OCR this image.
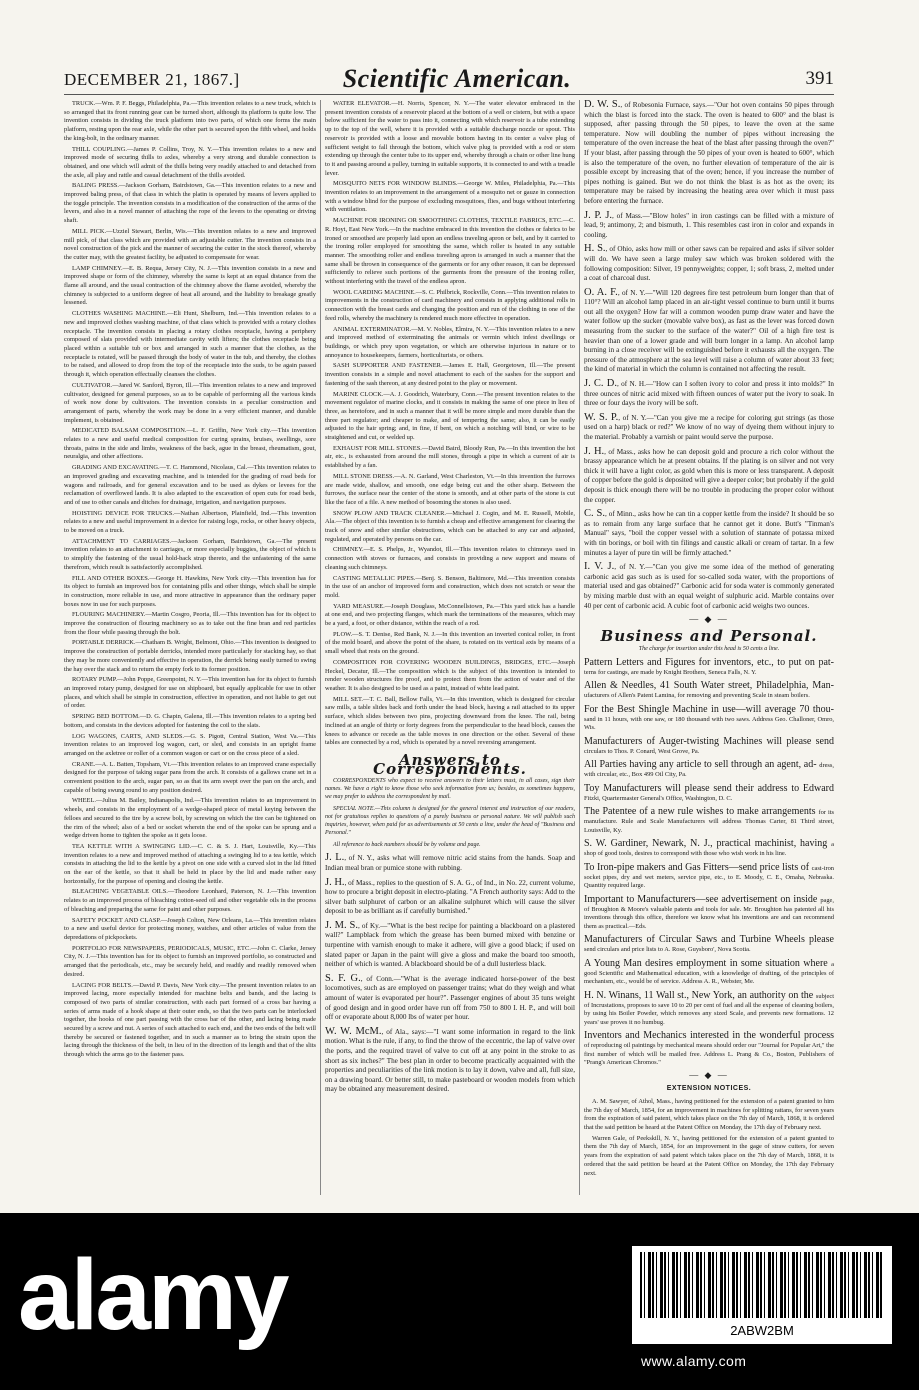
DECEMBER 21, 1867.]	Scientific American.	391

TRUCK.—Wm. P. F. Beggs, Philadelphia, Pa.—This invention relates to a new truck, which is so arranged that its front running gear can be turned short, although its platform is quite low. The invention consists in dividing the truck platform into two parts, of which one forms the main platform, resting upon the rear axle, while the other part is secured upon the fifth wheel, and holds the king-bolt, in the ordinary manner.

THILL COUPLING.—James P. Collins, Troy, N. Y.—This invention relates to a new and improved mode of securing thills to axles, whereby a very strong and durable connection is obtained, and one which will admit of the thills being very readily attached to and detached from the axle, all play and rattle and casual detachment of the thills avoided.

BALING PRESS.—Jackson Gorham, Bairdstown, Ga.—This invention relates to a new and improved baling press, of that class in which the platin is operated by means of levers applied to the toggle principle. The invention consists in a modification of the construction of the arms of the levers, and also in a novel manner of attaching the rope of the levers to the operating or driving shaft.

MILL PICK.—Uzziel Stewart, Berlin, Wis.—This invention relates to a new and improved mill pick, of that class which are provided with an adjustable cutter. The invention consists in a novel construction of the pick and the manner of securing the cutter in the stock thereof, whereby the cutter may, with the greatest facility, be adjusted to compensate for wear.

LAMP CHIMNEY.—E. B. Requa, Jersey City, N. J.—This invention consists in a new and improved shape or form of the chimney, whereby the same is kept at an equal distance from the flame all around, and the usual contraction of the chimney above the flame avoided, whereby the chimney is subjected to a uniform degree of heat all around, and the liability to breakage greatly lessened.

CLOTHES WASHING MACHINE.—Eli Hunt, Shelburn, Ind.—This invention relates to a new and improved clothes washing machine, of that class which is provided with a rotary clothes receptacle. The invention consists in placing a rotary clothes receptacle, having a periphery composed of slats provided with intermediate cavity with lifters; the clothes receptacle being placed within a suitable tub or box and arranged in such a manner that the clothes, as the receptacle is rotated, will be passed through the body of water in the tub, and thereby, the clothes to be raised, and allowed to drop from the top of the receptacle into the suds, to be again passed through it, which operation effectually cleanses the clothes.

CULTIVATOR.—Jared W. Sanford, Byron, Ill.—This invention relates to a new and improved cultivator, designed for general purposes, so as to be capable of performing all the various kinds of work now done by cultivators. The invention consists in a peculiar construction and arrangement of parts, whereby the work may be done in a very efficient manner, and durable implement, is obtained.

MEDICATED BALSAM COMPOSITION.—L. F. Griffin, New York city.—This invention relates to a new and useful medical composition for curing sprains, bruises, swellings, sore throats, pains in the side and limbs, weakness of the back, ague in the breast, rheumatism, gout, neuralgia, and other affections.

GRADING AND EXCAVATING.—T. C. Hammond, Nicolaus, Cal.—This invention relates to an improved grading and excavating machine, and is intended for the grading of road beds for wagons and railroads, and for general excavation and to be used as dykes or levees for the reclamation of overflowed lands. It is also adapted to the excavation of open cuts for road beds, and of use to other canals and ditches for drainage, irrigation, and navigation purposes.

HOISTING DEVICE FOR TRUCKS.—Nathan Albertson, Plainfield, Ind.—This invention relates to a new and useful improvement in a device for raising logs, rocks, or other heavy objects, to be moved on a truck.

ATTACHMENT TO CARRIAGES.—Jackson Gorham, Bairdstown, Ga.—The present invention relates to an attachment to carriages, or more especially buggies, the object of which is to simplify the fastening of the usual hold-back strap thereto, and the unfastening of the same therefrom, which result is satisfactorily accomplished.

FILL AND OTHER BOXES.—George H. Hawkins, New York city.—This invention has for its object to furnish an improved box for containing pills and other things, which shall be simple in construction, more reliable in use, and more attractive in appearance than the ordinary paper boxes now in use for such purposes.

FLOURING MACHINERY.—Martin Cosgro, Peoria, Ill.—This invention has for its object to improve the construction of flouring machinery so as to take out the fine bran and red particles from the flour while passing through the bolt.

PORTABLE DERRICK.—Chatham B. Wright, Belmont, Ohio.—This invention is designed to improve the construction of portable derricks, intended more particularly for stacking hay, so that they may be more conveniently and effective in operation, the derrick being easily turned to swing the hay over the stack and to return the empty fork to its former position.

ROTARY PUMP.—John Poppe, Greenpoint, N. Y.—This invention has for its object to furnish an improved rotary pump, designed for use on shipboard, but equally applicable for use in other places, and which shall be simple in construction, effective in operation, and not liable to get out of order.

SPRING BED BOTTOM.—D. G. Chapin, Galena, Ill.—This invention relates to a spring bed bottom, and consists in the devices adopted for fastening the coil to the slats.

LOG WAGONS, CARTS, AND SLEDS.—G. S. Pigott, Central Station, West Va.—This invention relates to an improved log wagon, cart, or sled, and consists in an upright frame arranged on the axletree or roller of a common wagon or cart or on the cross piece of a sled.

CRANE.—A. L. Batten, Topsham, Vt.—This invention relates to an improved crane especially designed for the purpose of taking sugar pans from the arch. It consists of a gallows crane set in a convenient position to the arch, sugar pan, so as that its arm swept over the pan on the arch, and capable of being swung round to any position desired.

WHEEL.—Julius M. Bailey, Indianapolis, Ind.—This invention relates to an improvement in wheels, and consists in the employment of a wedge-shaped piece of metal keying between the felloes and secured to the tire by a screw bolt, by screwing on which the tire can be tightened on the rim of the wheel; also of a bed or socket wherein the end of the spoke can be sprung and a wedge driven home to tighten the spoke as it gets loose.

TEA KETTLE WITH A SWINGING LID.—C. C. & S. J. Hart, Louisville, Ky.—This invention relates to a new and improved method of attaching a swinging lid to a tea kettle, which consists in attaching the lid to the kettle by a pivot on one side with a curved slot in the lid fitted on the ear of the kettle, so that it shall be held in place by the lid and made rather easy horizontally, for the purpose of opening and closing the kettle.

BLEACHING VEGETABLE OILS.—Theodore Leonhard, Paterson, N. J.—This invention relates to an improved process of bleaching cotton-seed oil and other vegetable oils in the process of bleaching and preparing the same for paint and other purposes.

SAFETY POCKET AND CLASP.—Joseph Colton, New Orleans, La.—This invention relates to a new and useful device for protecting money, watches, and other articles of value from the depredations of pickpockets.

PORTFOLIO FOR NEWSPAPERS, PERIODICALS, MUSIC, ETC.—John C. Clarke, Jersey City, N. J.—This invention has for its object to furnish an improved portfolio, so constructed and arranged that the periodicals, etc., may be securely held, and readily and readily removed when desired.

LACING FOR BELTS.—David P. Davis, New York city.—The present invention relates to an improved lacing, more especially intended for machine belts and bands, and the lacing is composed of two parts of similar construction, with each part formed of a cross bar having a series of arms made of a hook shape at their outer ends, so that the two parts can be interlocked together, the hooks of one part passing with the cross bar of the other, and lacing being made secured by a screw and nut. A series of such attached to each end, and the two ends of the belt will thereby be secured or fastened together, and in such a manner as to bring the strain upon the lacing through the thickness of the belt, in lieu of in the direction of its length and that of the slits through which the arms go to the fastener pass.

WATER ELEVATOR.—H. Norris, Spencer, N. Y.—The water elevator embraced in the present invention consists of a reservoir placed at the bottom of a well or cistern, but with a space below sufficient for the water to pass into it, connecting with which reservoir is a tube extending up to the top of the well, where it is provided with a suitable discharge nozzle or spout. This reservoir is provided with a loose and movable bottom having in its center a valve plug of sufficient weight to fall through the bottom, which valve plug is provided with a rod or stem extending up through the center tube to its upper end, whereby through a chain or other line hung to it and passing around a pulley, turning in suitable supports, it is connected to and with a treadle lever.

MOSQUITO NETS FOR WINDOW BLINDS.—George W. Miles, Philadelphia, Pa.—This invention relates to an improvement in the arrangement of a mosquito net or gauze in connection with a window blind for the purpose of excluding mosquitoes, flies, and bugs without interfering with ventilation.

MACHINE FOR IRONING OR SMOOTHING CLOTHES, TEXTILE FABRICS, ETC.—C. R. Hoyt, East New York.—In the machine embraced in this invention the clothes or fabrics to be ironed or smoothed are properly laid upon an endless traveling apron or belt, and by it carried to the ironing roller employed for smoothing the same, which roller is heated in any suitable manner. The smoothing roller and endless traveling apron is arranged in such a manner that the same shall be thrown in consequence of the garments or for any other reason, it can be depressed sufficiently to relieve such portions of the garments from the pressure of the ironing roller, without interfering with the travel of the endless apron.

WOOL CARDING MACHINE.—S. C. Philbrick, Rockville, Conn.—This invention relates to improvements in the construction of card machinery and consists in applying additional rolls in connection with the breast cards and changing the position and run of the clothing in one of the feed rolls, whereby the machinery is rendered much more effective in operation.

ANIMAL EXTERMINATOR.—M. V. Nobles, Elmira, N. Y.—This invention relates to a new and improved method of exterminating the animals or vermin which infest dwellings or buildings, or which prey upon vegetation, or which are otherwise injurious in nature or to annoyance to housekeepers, farmers, horticulturists, or others.

SASH SUPPORTER AND FASTENER.—James E. Hall, Georgetown, Ill.—The present invention consists in a simple and novel attachment to each of the sashes for the support and fastening of the sash thereon, at any desired point to the play or movement.

MARINE CLOCK.—A. J. Goodrich, Waterbury, Conn.—The present invention relates to the movement regulator of marine clocks, and it consists in making the same of one piece in lieu of three, as heretofore, and in such a manner that it will be more simple and more durable than the three part regulator; and cheaper to make, and of tempering the same; also, it can be easily adjusted to the hair spring; and, in fine, if bent, on which a notching will bind, or wire to be straightened and cut, or welded up.

EXHAUST FOR MILL STONES.—David Baird, Bloody Run, Pa.—In this invention the hot air, etc., is exhausted from around the mill stones, through a pipe in which a current of air is established by a fan.

MILL STONE DRESS.—A. N. Garland, West Charleston, Vt.—In this invention the furrows are made wide, shallow, and smooth, one edge being cut and the other sharp. Between the furrows, the surface near the center of the stone is smooth, and at other parts of the stone is cut like the face of a file. A new method of bosoming the stones is also used.

SNOW PLOW AND TRACK CLEANER.—Michael J. Cogin, and M. E. Russell, Mobile, Ala.—The object of this invention is to furnish a cheap and effective arrangement for clearing the track of snow and other similar obstructions, which can be attached to any car and adjusted, regulated, and operated by persons on the car.

CHIMNEY.—E. S. Phelps, Jr., Wyandot, Ill.—This invention relates to chimneys used in connection with stoves or furnaces, and consists in providing a new support and means of cleaning such chimneys.

CASTING METALLIC PIPES.—Benj. S. Benson, Baltimore, Md.—This invention consists in the use of an anchor of improved form and construction, which does not scratch or wear the mold.

YARD MEASURE.—Joseph Douglass, McConnellstown, Pa.—This yard stick has a handle at one end, and two projecting flanges, which mark the terminations of the measures, which may be a yard, a foot, or other distance, within the reach of a rod.

PLOW.—S. T. Denise, Red Bank, N. J.—In this invention an inverted conical roller, in front of the mold board, and above the point of the share, is rotated on its vertical axis by means of a small wheel that rests on the ground.

COMPOSITION FOR COVERING WOODEN BUILDINGS, BRIDGES, ETC.—Joseph Heckel, Decatur, Ill.—The composition which is the subject of this invention is intended to render wooden structures fire proof, and to protect them from the action of water and of the weather. It is also designed to be used as a paint, instead of white lead paint.

MILL SET.—T. C. Ball, Bellow Falls, Vt.—In this invention, which is designed for circular saw mills, a table slides back and forth under the head block, having a rail attached to its upper surface, which slides between two pins, projecting downward from the knee. The rail, being inclined at an angle of thirty or forty degrees from the perpendicular to the head block, causes the knees to advance or recede as the table moves in one direction or the other. Several of these tables are connected by a rod, which is operated by a novel reversing arrangement.

Answers to Correspondents.

CORRESPONDENTS who expect to receive answers to their letters must, in all cases, sign their names. We have a right to know those who seek information from us; besides, as sometimes happens, we may prefer to address the correspondent by mail.

SPECIAL NOTE.—This column is designed for the general interest and instruction of our readers, not for gratuitous replies to questions of a purely business or personal nature. We will publish such inquiries, however, when paid for as advertisements at 50 cents a line, under the head of "Business and Personal."

All reference to back numbers should be by volume and page.

J. L., of N. Y., asks what will remove nitric acid stains from the hands. Soap and Indian meal bran or pumice stone with rubbing.

J. H., of Mass., replies to the question of S. A. G., of Ind., in No. 22, current volume, how to procure a bright deposit in electro-plating. "A French authority says: Add to the silver bath sulphuret of carbon or an alkaline sulphuret which will cause the silver deposit to be as brilliant as if carefully burnished."

J. M. S., of Ky.—"What is the best recipe for painting a blackboard on a plastered wall?" Lampblack from which the grease has been burned mixed with benzine or turpentine with varnish enough to make it adhere, will give a good black; if used on slated paper or Japan in the paint will give a gloss and make the board too smooth, neither of which is wanted. A blackboard should be of a dull lusterless black.

S. F. G., of Conn.—"What is the average indicated horse-power of the best locomotives, such as are employed on passenger trains; what do they weigh and what amount of water is evaporated per hour?". Passenger engines of about 35 tuns weight of good design and in good order have run off from 750 to 800 I. H. P., and will boil off or evaporate about 8,000 lbs of water per hour.

W. W. McM., of Ala., says:—"I want some information in regard to the link motion. What is the rule, if any, to find the throw of the eccentric, the lap of valve over the ports, and the required travel of valve to cut off at any point in the stroke to as short as six inches?" The best plan in order to become practically acquainted with the properties and peculiarities of the link motion is to lay it down, valve and all, full size, on a drawing board. Or better still, to make pasteboard or wooden models from which may be obtained any measurement desired.

D. W. S., of Robesonia Furnace, says.—"Our hot oven contains 50 pipes through which the blast is forced into the stack. The oven is heated to 600° and the blast is supposed, after passing through the 50 pipes, to leave the oven at the same temperature. Now will doubling the number of pipes without increasing the temperature of the oven increase the heat of the blast after passing through the oven?" If your blast, after passing through the 50 pipes of your oven is heated to 600°, which is also the temperature of the oven, no further elevation of temperature of the air is possible except by increasing that of the oven; hence, if you increase the number of pipes nothing is gained. But we do not think the blast is as hot as the oven; its temperature may be raised by increasing the heating area over which it must pass before entering the furnace.

J. P. J., of Mass.—"Blow holes" in iron castings can be filled with a mixture of lead, 9; antimony, 2; and bismuth, 1. This resembles cast iron in color and expands in cooling.

H. S., of Ohio, asks how mill or other saws can be repaired and asks if silver solder will do. We have seen a large muley saw which was broken soldered with the following composition: Silver, 19 pennyweights; copper, 1; soft brass, 2, melted under a coat of charcoal dust.

O. A. F., of N. Y.—"Will 120 degrees fire test petroleum burn longer than that of 110°? Will an alcohol lamp placed in an air-tight vessel continue to burn until it burns out all the oxygen? How far will a common wooden pump draw water and have the water follow up the sucker (movable valve box), as fast as the lever was forced down measuring from the sucker to the surface of the water?" Oil of a high fire test is heavier than one of a lower grade and will burn longer in a lamp. An alcohol lamp burning in a close receiver will be extinguished before it exhausts all the oxygen. The pressure of the atmosphere at the sea level will raise a column of water about 33 feet; the kind of material in which the column is contained not affecting the result.

J. C. D., of N. H.—"How can I soften ivory to color and press it into molds?" In three ounces of nitric acid mixed with fifteen ounces of water put the ivory to soak. In three or four days the ivory will be soft.

W. S. P., of N. Y.—"Can you give me a recipe for coloring gut strings (as those used on a harp) black or red?" We know of no way of dyeing them without injury to the material. Probably a varnish or paint would serve the purpose.

J. H., of Mass., asks how he can deposit gold and procure a rich color without the brassy appearance which he at present obtains. If the plating is on silver and not very thick it will have a light color, as gold when this is more or less transparent. A deposit of copper before the gold is deposited will give a deeper color; but probably if the gold deposit is thick enough there will be no trouble in producing the proper color without the copper.

C. S., of Minn., asks how he can tin a copper kettle from the inside? It should be so as to remain from any large surface that he cannot get it done. Butt's "Tinman's Manual" says, "boil the copper vessel with a solution of stannate of potassa mixed with tin borings, or boil with tin filings and caustic alkali or cream of tartar. In a few minutes a layer of pure tin will be firmly attached."

I. V. J., of N. Y.—"Can you give me some idea of the method of generating carbonic acid gas such as is used for so-called soda water, with the proportions of material used and gas obtained?" Carbonic acid for soda water is commonly generated by mixing marble dust with an equal weight of sulphuric acid. Marble contains over 40 per cent of carbonic acid. A cubic foot of carbonic acid weighs two ounces.

— ◆ —
Business and Personal.

The charge for insertion under this head is 50 cents a line.

Pattern Letters and Figures for inventors, etc., to put on pat- terns for castings, are made by Knight Brothers, Seneca Falls, N. Y.

Allen & Needles, 41 South Water street, Philadelphia, Man- ufacturers of Allen's Patent Lamina, for removing and preventing Scale in steam boilers.

For the Best Shingle Machine in use—will average 70 thou- sand in 11 hours, with one saw, or 180 thousand with two saws. Address Geo. Challoner, Omro, Wis.

Manufacturers of Auger-twisting Machines will please send circulars to Thos. P. Conard, West Grove, Pa.

All Parties having any article to sell through an agent, ad- dress, with circular, etc., Box 499 Oil City, Pa.

Toy Manufacturers will please send their address to Edward Fitzki, Quartermaster General's Office, Washington, D. C.

The Patentee of a new rule wishes to make arrangements for its manufacture. Rule and Scale Manufacturers will address Thomas Carter, 81 Third street, Louisville, Ky.

S. W. Gardiner, Newark, N. J., practical machinist, having a shop of good tools, desires to correspond with those who wish work in his line.

To Iron-pipe makers and Gas Fitters—send price lists of cast-iron socket pipes, dry and wet meters, service pipe, etc., to E. Moody, C. E., Omaha, Nebraska. Quantity required large.

Important to Manufacturers—see advertisement on inside page, of Broughton & Moore's valuable patents and tools for sale. Mr. Broughton has patented all his inventions through this office, therefore we know what his inventions are and can recommend them as practical.—Eds.

Manufacturers of Circular Saws and Turbine Wheels please send circulars and price lists to A. Rose, Guysboro', Nova Scotia.

A Young Man desires employment in some situation where a good Scientific and Mathematical education, with a knowledge of drafting, of the principles of mechanism, etc., would be of service. Address A. R., Webster, Me.

H. N. Winans, 11 Wall st., New York, an authority on the subject of Incrustations, proposes to save 10 to 20 per cent of fuel and all the expense of cleaning boilers, by using his Boiler Powder, which removes any sized Scale, and prevents new formations. 12 years' use proves it no humbug.

Inventors and Mechanics interested in the wonderful process of reproducing oil paintings by mechanical means should order our "Journal for Popular Art," the first number of which will be mailed free. Address L. Prang & Co., Boston, Publishers of "Prang's American Chromos."

— ◆ —
EXTENSION NOTICES.

A. M. Sawyer, of Athol, Mass., having petitioned for the extension of a patent granted to him the 7th day of March, 1854, for an improvement in machines for splitting rattans, for seven years from the expiration of said patent, which takes place on the 7th day of March, 1868, it is ordered that the said petition be heard at the Patent Office on Monday, the 17th day of February next.

Warren Gale, of Peekskill, N. Y., having petitioned for the extension of a patent granted to them the 7th day of March, 1854, for an improvement in the gage of straw cutters, for seven years from the expiration of said patent which takes place on the 7th day of March, 1868, it is ordered that the said petition be heard at the Patent Office on Monday, the 17th day February next.

alamy	2ABW2BM
www.alamy.com
